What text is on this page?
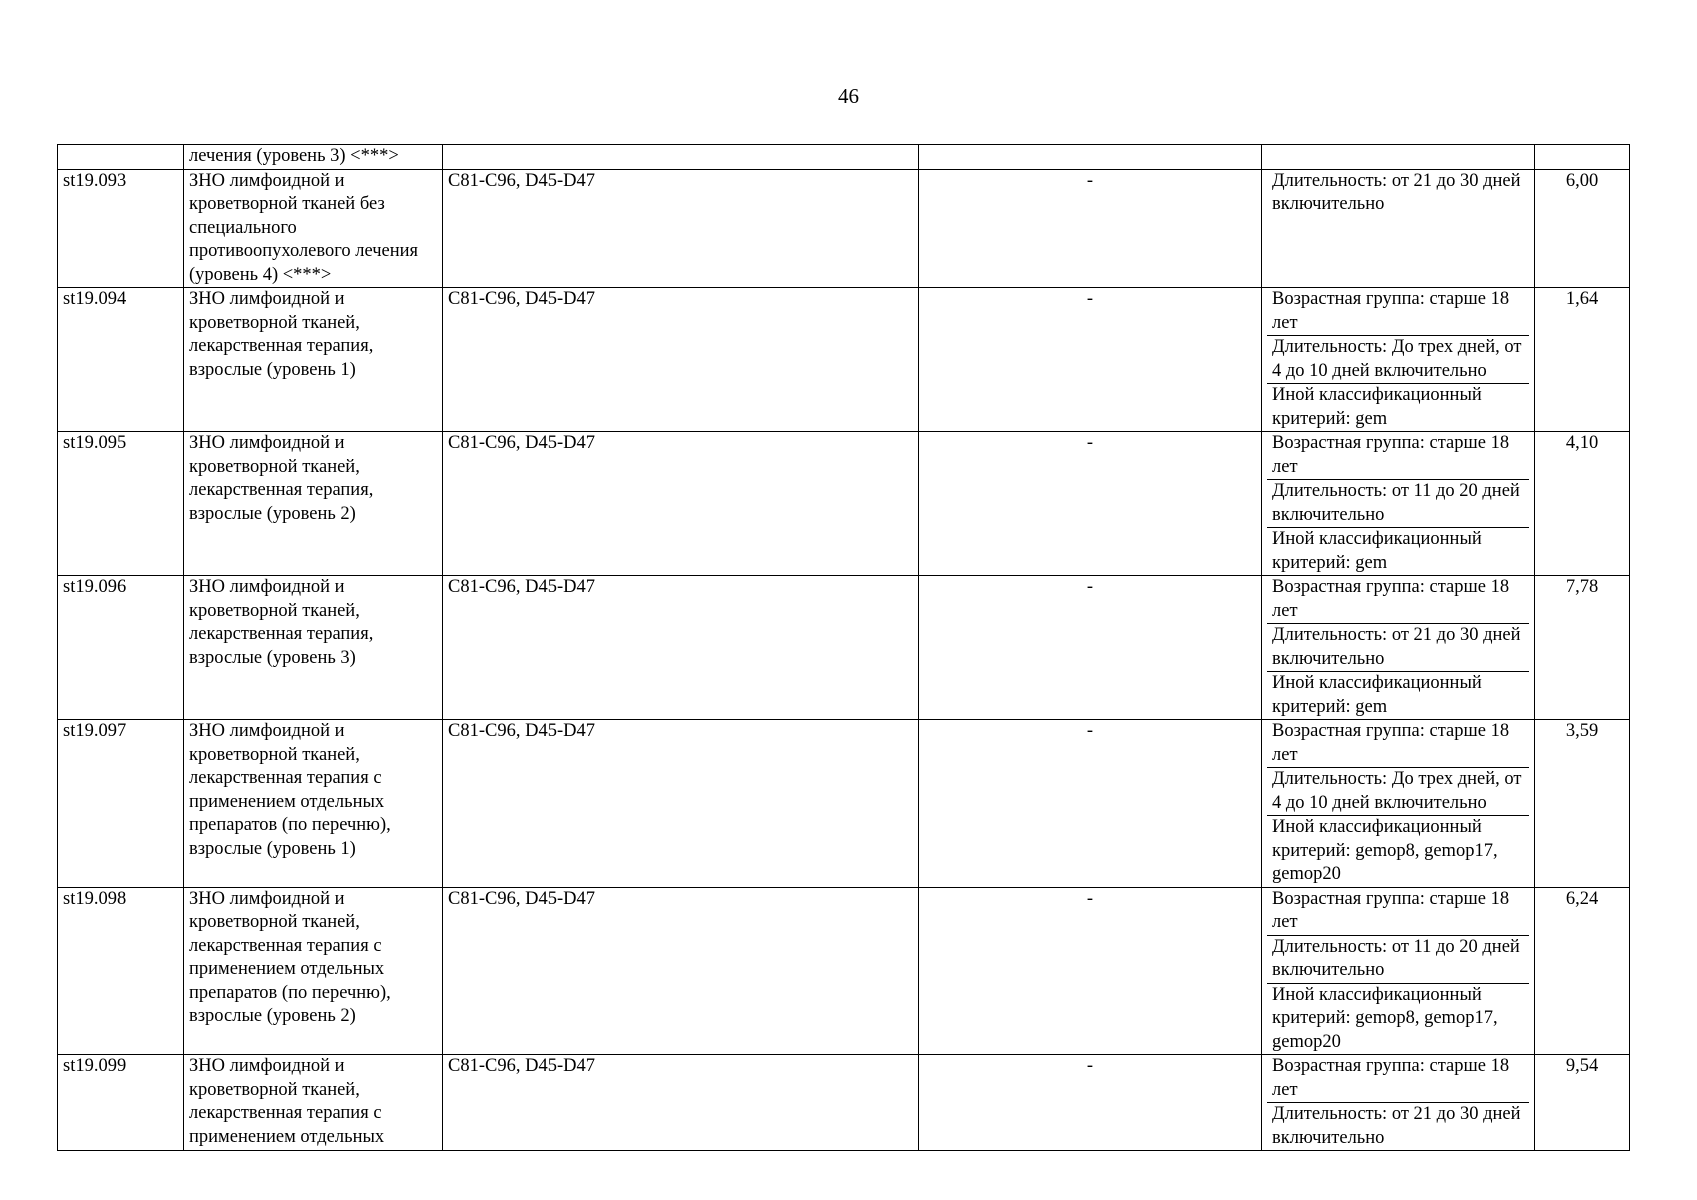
46
	лечения (уровень 3) <***>				
st19.093	ЗНО лимфоидной и кроветворной тканей без специального противоопухолевого лечения (уровень 4) <***>	C81-C96, D45-D47	-	Длительность: от 21 до 30 дней включительно	6,00
st19.094	ЗНО лимфоидной и кроветворной тканей, лекарственная терапия, взрослые (уровень 1)	C81-C96, D45-D47	-	Возрастная группа: старше 18 лет
Длительность: До трех дней, от 4 до 10 дней включительно
Иной классификационный критерий: gem	1,64
st19.095	ЗНО лимфоидной и кроветворной тканей, лекарственная терапия, взрослые (уровень 2)	C81-C96, D45-D47	-	Возрастная группа: старше 18 лет
Длительность: от 11 до 20 дней включительно
Иной классификационный критерий: gem	4,10
st19.096	ЗНО лимфоидной и кроветворной тканей, лекарственная терапия, взрослые (уровень 3)	C81-C96, D45-D47	-	Возрастная группа: старше 18 лет
Длительность: от 21 до 30 дней включительно
Иной классификационный критерий: gem	7,78
st19.097	ЗНО лимфоидной и кроветворной тканей, лекарственная терапия с применением отдельных препаратов (по перечню), взрослые (уровень 1)	C81-C96, D45-D47	-	Возрастная группа: старше 18 лет
Длительность: До трех дней, от 4 до 10 дней включительно
Иной классификационный критерий: gemop8, gemop17, gemop20	3,59
st19.098	ЗНО лимфоидной и кроветворной тканей, лекарственная терапия с применением отдельных препаратов (по перечню), взрослые (уровень 2)	C81-C96, D45-D47	-	Возрастная группа: старше 18 лет
Длительность: от 11 до 20 дней включительно
Иной классификационный критерий: gemop8, gemop17, gemop20	6,24
st19.099	ЗНО лимфоидной и кроветворной тканей, лекарственная терапия с применением отдельных	C81-C96, D45-D47	-	Возрастная группа: старше 18 лет
Длительность: от 21 до 30 дней включительно	9,54
